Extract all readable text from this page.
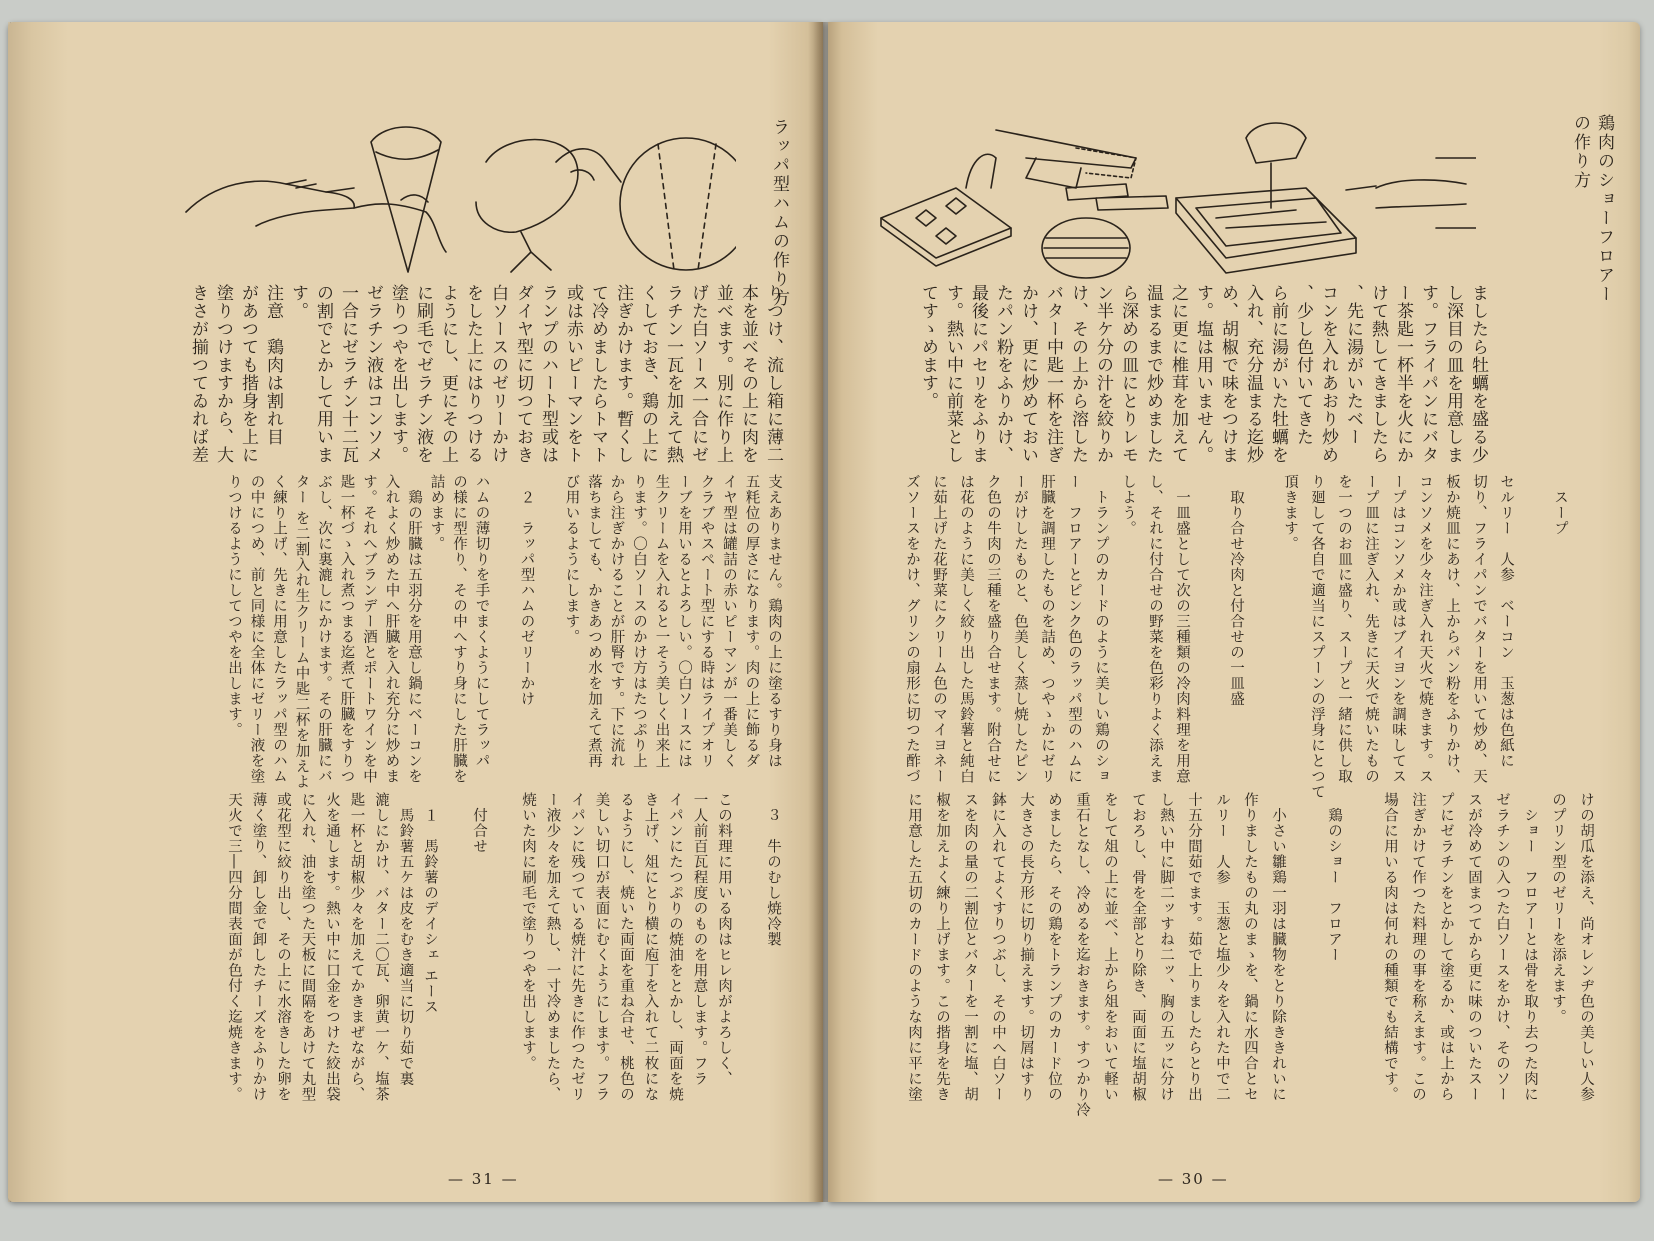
ラッパ型ハムの作り方
りつけ、流し箱に薄二
本を並べその上に肉を
並べます。別に作り上
げた白ソース一合にゼ
ラチン一瓦を加えて熱
くしておき、鶏の上に
注ぎかけます。暫くし
て冷めましたらトマト
或は赤いピーマンをト
ランプのハート型或は
ダイヤ型に切つておき
白ソースのゼリーかけ
をした上にはりつける
ようにし、更にその上
に刷毛でゼラチン液を
塗りつやを出します。
ゼラチン液はコンソメ
一合にゼラチン十二瓦
の割でとかして用いま
す。
注意　鶏肉は割れ目
があつても揩身を上に
塗りつけますから、大
きさが揃つてゐれば差
支えありません。鶏肉の上に塗るすり身は
五粍位の厚さになります。肉の上に飾るダ
イヤ型は罐詰の赤いピーマンが一番美しく
クラブやスペート型にする時はライプオリ
ーブを用いるとよろしい。〇白ソースには
生クリームを入れると一そう美しく出来上
ります。〇白ソースのかけ方はたつぷり上
から注ぎかけることが肝腎です。下に流れ
落ちましても、かきあつめ水を加えて煮再
び用いるようにします。

　２　ラッパ型ハムのゼリーかけ

ハムの薄切りを手でまくようにしてラッパ
の様に型作り、その中へすり身にした肝臓を
詰めます。
　鶏の肝臓は五羽分を用意し鍋にベーコンを
入れよく炒めた中へ肝臓を入れ充分に炒めま
す。それへブランデー酒とポートワインを中
匙一杯づゝ入れ煮つまる迄煮て肝臓をすりつ
ぶし、次に裏漉しにかけます。その肝臓にバ
ター を二割入れ生クリーム中匙二杯を加えよ
く練り上げ、先きに用意したラッパ型のハム
の中につめ、前と同様に全体にゼリー液を塗
りつけるようにしてつやを出します。
　３　牛のむし焼冷製

この料理に用いる肉はヒレ肉がよろしく、
一人前百瓦程度のものを用意します。フラ
イパンにたつぷりの焼油をとかし、両面を焼
き上げ、俎にとり横に庖丁を入れて二枚にな
るようにし、焼いた両面を重ね合せ、桃色の
美しい切口が表面にむくようにします。フラ
イパンに残つている焼汁に先きに作つたゼリ
ー液少々を加えて熱し、一寸冷めましたら、
焼いた肉に刷毛で塗りつやを出します。

　付合せ

　１　馬鈴薯のデイシェ エース
　馬鈴薯五ケは皮をむき適当に切り茹で裏
漉しにかけ、バター二〇瓦、卵黄一ケ、塩茶
匙一杯と胡椒少々を加えてかきまぜながら、
火を通します。熱い中に口金をつけた絞出袋
に入れ、油を塗つた天板に間隔をあけて丸型
或花型に絞り出し、その上に水溶きした卵を
薄く塗り、卸し金で卸したチーズをふりかけ
天火で三―四分間表面が色付く迄焼きます。
— 31 —
鶏肉のショーフロアー
の作り方
ましたら牡蠣を盛る少
し深目の皿を用意しま
す。フライパンにバタ
ー茶匙一杯半を火にか
けて熱してきましたら
、先に湯がいたベー
コンを入れあおり炒め
、少し色付いてきた
ら前に湯がいた牡蠣を
入れ、充分温まる迄炒
め、胡椒で味をつけま
す。塩は用いません。
之に更に椎茸を加えて
温まるまで炒めました
ら深めの皿にとりレモ
ン半ケ分の汁を絞りか
け、その上から溶した
バター中匙一杯を注ぎ
かけ、更に炒めておい
たパン粉をふりかけ、
最後にパセリをふりま
す。熱い中に前菜とし
てすゝめます。

　スープ

セルリー　人参　ベーコン　玉葱は色紙に
切り、フライパンでバターを用いて炒め、天
板か焼皿にあけ、上からパン粉をふりかけ、
コンソメを少々注ぎ入れ天火で焼きます。ス
ープはコンソメか或はブイヨンを調味してス
ープ皿に注ぎ入れ、先きに天火で焼いたもの
を一つのお皿に盛り、スープと一緒に供し取
り廻して各自で適当にスプーンの浮身にとつて
頂きます。

　取り合せ冷肉と付合せの一皿盛

　一皿盛として次の三種類の冷肉料理を用意
し、それに付合せの野菜を色彩りよく添えま
しよう。
　トランプのカードのように美しい鶏のショ
ー　フロアーとピンク色のラッパ型のハムに
肝臓を調理したものを詰め、つやゝかにゼリ
ーがけしたものと、色美しく蒸し焼したピン
ク色の牛肉の三種を盛り合せます。附合せに
は花のように美しく絞り出した馬鈴薯と純白
に茹上げた花野菜にクリーム色のマイヨネー
ズソースをかけ、グリンの扇形に切つた酢づ
けの胡瓜を添え、尚オレンヂ色の美しい人参
のプリン型のゼリーを添えます。
　ショー　フロアーとは骨を取り去つた肉に
ゼラチンの入つた白ソースをかけ、そのソー
スが冷めて固まつてから更に味のついたスー
プにゼラチンをとかして塗るか、或は上から
注ぎかけて作つた料理の事を称えます。この
場合に用いる肉は何れの種類でも結構です。

　鶏のショー　フロアー

　小さい雛鶏一羽は臓物をとり除ききれいに
作りましたもの丸のまゝを、鍋に水四合とセ
ルリー　人参　玉葱と塩少々を入れた中で二
十五分間茹でます。茹で上りましたらとり出
し熱い中に脚二ッすね二ッ、胸の五ッに分け
ておろし、骨を全部とり除き、両面に塩胡椒
をして俎の上に並べ、上から俎をおいて軽い
重石となし、冷めるを迄おきます。すつかり冷
めましたら、その鶏をトランプのカード位の
大きさの長方形に切り揃えます。切屑はすり
鉢に入れてよくすりつぶし、その中へ白ソー
スを肉の量の二割位とバターを一割に塩、胡
椒を加えよく練り上げます。この揩身を先き
に用意した五切のカードのような肉に平に塗
— 30 —
